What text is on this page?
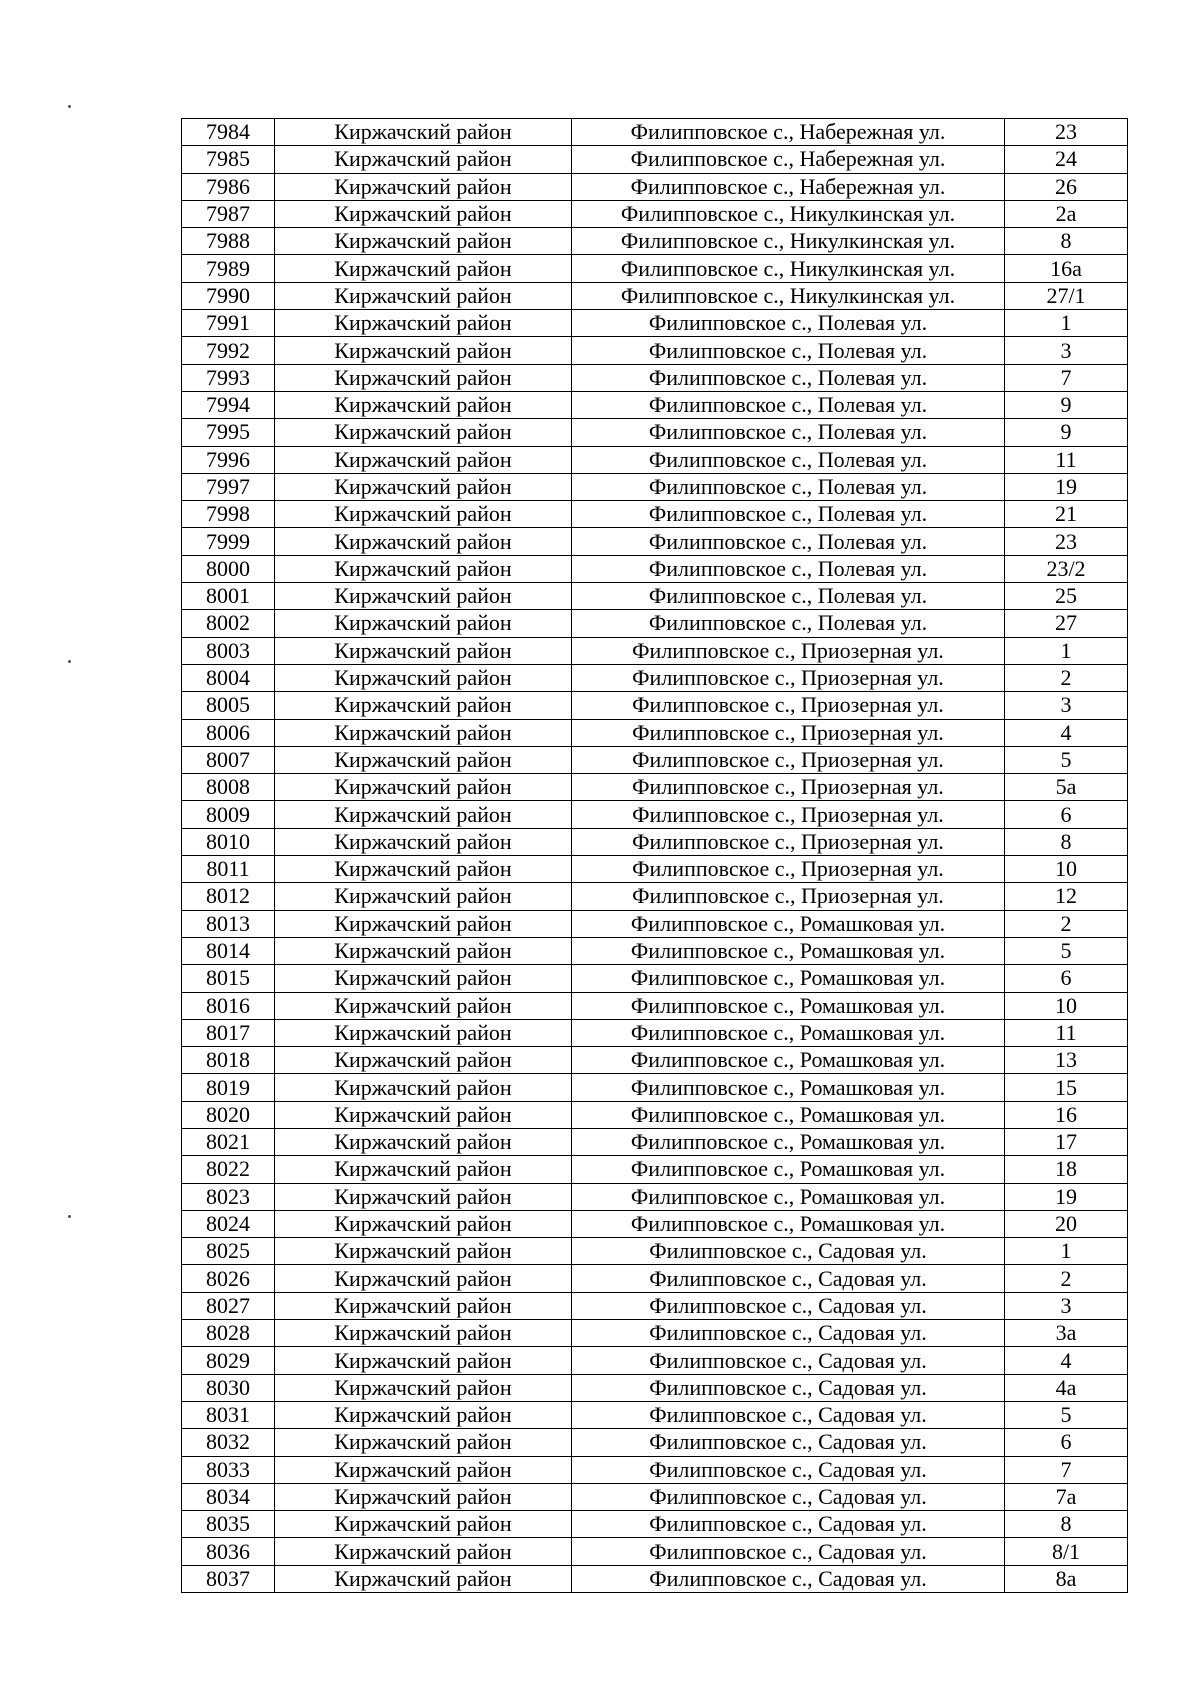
7984	Киржачский район	Филипповское с., Набережная ул.	23
7985	Киржачский район	Филипповское с., Набережная ул.	24
7986	Киржачский район	Филипповское с., Набережная ул.	26
7987	Киржачский район	Филипповское с., Никулкинская ул.	2а
7988	Киржачский район	Филипповское с., Никулкинская ул.	8
7989	Киржачский район	Филипповское с., Никулкинская ул.	16а
7990	Киржачский район	Филипповское с., Никулкинская ул.	27/1
7991	Киржачский район	Филипповское с., Полевая ул.	1
7992	Киржачский район	Филипповское с., Полевая ул.	3
7993	Киржачский район	Филипповское с., Полевая ул.	7
7994	Киржачский район	Филипповское с., Полевая ул.	9
7995	Киржачский район	Филипповское с., Полевая ул.	9
7996	Киржачский район	Филипповское с., Полевая ул.	11
7997	Киржачский район	Филипповское с., Полевая ул.	19
7998	Киржачский район	Филипповское с., Полевая ул.	21
7999	Киржачский район	Филипповское с., Полевая ул.	23
8000	Киржачский район	Филипповское с., Полевая ул.	23/2
8001	Киржачский район	Филипповское с., Полевая ул.	25
8002	Киржачский район	Филипповское с., Полевая ул.	27
8003	Киржачский район	Филипповское с., Приозерная ул.	1
8004	Киржачский район	Филипповское с., Приозерная ул.	2
8005	Киржачский район	Филипповское с., Приозерная ул.	3
8006	Киржачский район	Филипповское с., Приозерная ул.	4
8007	Киржачский район	Филипповское с., Приозерная ул.	5
8008	Киржачский район	Филипповское с., Приозерная ул.	5а
8009	Киржачский район	Филипповское с., Приозерная ул.	6
8010	Киржачский район	Филипповское с., Приозерная ул.	8
8011	Киржачский район	Филипповское с., Приозерная ул.	10
8012	Киржачский район	Филипповское с., Приозерная ул.	12
8013	Киржачский район	Филипповское с., Ромашковая ул.	2
8014	Киржачский район	Филипповское с., Ромашковая ул.	5
8015	Киржачский район	Филипповское с., Ромашковая ул.	6
8016	Киржачский район	Филипповское с., Ромашковая ул.	10
8017	Киржачский район	Филипповское с., Ромашковая ул.	11
8018	Киржачский район	Филипповское с., Ромашковая ул.	13
8019	Киржачский район	Филипповское с., Ромашковая ул.	15
8020	Киржачский район	Филипповское с., Ромашковая ул.	16
8021	Киржачский район	Филипповское с., Ромашковая ул.	17
8022	Киржачский район	Филипповское с., Ромашковая ул.	18
8023	Киржачский район	Филипповское с., Ромашковая ул.	19
8024	Киржачский район	Филипповское с., Ромашковая ул.	20
8025	Киржачский район	Филипповское с., Садовая ул.	1
8026	Киржачский район	Филипповское с., Садовая ул.	2
8027	Киржачский район	Филипповское с., Садовая ул.	3
8028	Киржачский район	Филипповское с., Садовая ул.	3а
8029	Киржачский район	Филипповское с., Садовая ул.	4
8030	Киржачский район	Филипповское с., Садовая ул.	4а
8031	Киржачский район	Филипповское с., Садовая ул.	5
8032	Киржачский район	Филипповское с., Садовая ул.	6
8033	Киржачский район	Филипповское с., Садовая ул.	7
8034	Киржачский район	Филипповское с., Садовая ул.	7а
8035	Киржачский район	Филипповское с., Садовая ул.	8
8036	Киржачский район	Филипповское с., Садовая ул.	8/1
8037	Киржачский район	Филипповское с., Садовая ул.	8а
